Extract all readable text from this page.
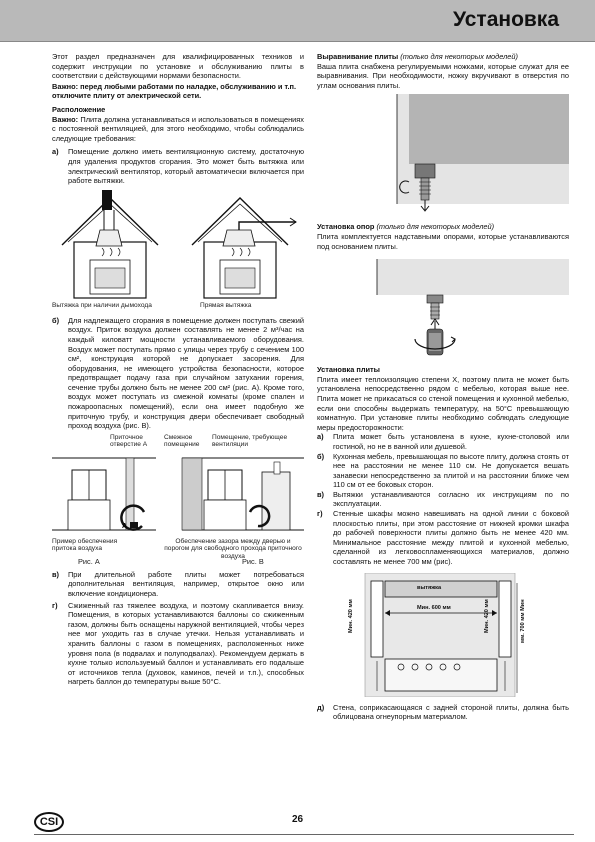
Установка

Этот раздел предназначен для квалифицированных техников и содержит инструкции по установке и обслуживанию плиты в соответствии с действующими нормами безопасности.

Важно: перед любыми работами по наладке, обслуживанию и т.п. отключите плиту от электрической сети.

Расположение

Важно: Плита должна устанавливаться и использоваться в помещениях с постоянной вентиляцией, для этого необходимо, чтобы соблюдались следующие требования:

а)	Помещение должно иметь вентиляционную систему, достаточную для удаления продуктов сгорания. Это может быть вытяжка или электрический вентилятор, который автоматически включается при работе вытяжки.
Вытяжка при наличии дымохода	Прямая вытяжка
б)	Для надлежащего сгорания в помещение должен поступать свежий воздух. Приток воздуха должен составлять не менее 2 м³/час на каждый киловатт мощности устанавливаемого оборудования. Воздух может поступать прямо с улицы через трубу с сечением 100 см², конструкция которой не допускает засорения. Для оборудования, не имеющего устройства безопасности, которое предотвращает подачу газа при случайном затухании горения, сечение трубы должно быть не менее 200 см² (рис. А). Кроме того, воздух может поступать из смежной комнаты (кроме спален и пожароопасных помещений), если она имеет подобную же приточную трубу, и конструкция двери обеспечивает свободный проход воздуха (рис. В).
Приточное отверстие А
Смежное помещение
Помещение, требующее вентиляции
A
Пример обеспечения притока воздуха
Обеспечение зазора между дверью и порогом для свободного прохода приточного воздуха
Рис. А	Рис. В
в)	При длительной работе плиты может потребоваться дополнительная вентиляция, например, открытое окно или включение кондиционера.
г)	Сжиженный газ тяжелее воздуха, и поэтому скапливается внизу. Помещения, в которых устанавливаются баллоны со сжиженным газом, должны быть оснащены наружной вентиляцией, чтобы через нее мог уходить газ в случае утечки. Нельзя устанавливать и хранить баллоны с газом в помещениях, расположенных ниже уровня пола (в подвалах и полуподвалах). Рекомендуем держать в кухне только используемый баллон и устанавливать его подальше от источников тепла (духовок, каминов, печей и т.п.), способных нагреть баллон до температуры выше 50°C.

Выравнивание плиты (только для некоторых моделей)

Ваша плита снабжена регулируемыми ножками, которые служат для ее выравнивания. При необходимости, ножку вкручивают в отверстия по углам основания плиты.

Установка опор (только для некоторых моделей)

Плита комплектуется надставными опорами, которые устанавливаются под основанием плиты.

Установка плиты

Плита имеет теплоизоляцию степени X, поэтому плита не может быть установлена непосредственно рядом с мебелью, которая выше нее. Плита может не прикасаться со стеной помещения и кухонной мебелью, если они способны выдержать температуру, на 50°C превышающую комнатную. При установке плиты необходимо соблюдать следующие меры предосторожности:

а)	Плита может быть установлена в кухне, кухне-столовой или гостиной, но не в ванной или душевой.
б)	Кухонная мебель, превышающая по высоте плиту, должна стоять от нее на расстоянии не менее 110 см. Не допускается вешать занавески непосредственно за плитой и на расстоянии ближе чем 110 см от ее боковых сторон.
в)	Вытяжки устанавливаются согласно их инструкциям по по эксплуатации.
г)	Стенные шкафы можно навешивать на одной линии с боковой плоскостью плиты, при этом расстояние от нижней кромки шкафа до рабочей поверхности плиты должно быть не менее 420 мм. Минимальное расстояние между плитой и кухонной мебелью, сделанной из легковоспламеняющихся материалов, должно составлять не менее 700 мм (рис).
вытяжка
Мин. 600 мм
Мин. 420 мм	Мин. 420 мм	мм. 700 мм Мин
д)	Стена, соприкасающаяся с задней стороной плиты, должна быть облицована огнеупорным материалом.
CSI	26
